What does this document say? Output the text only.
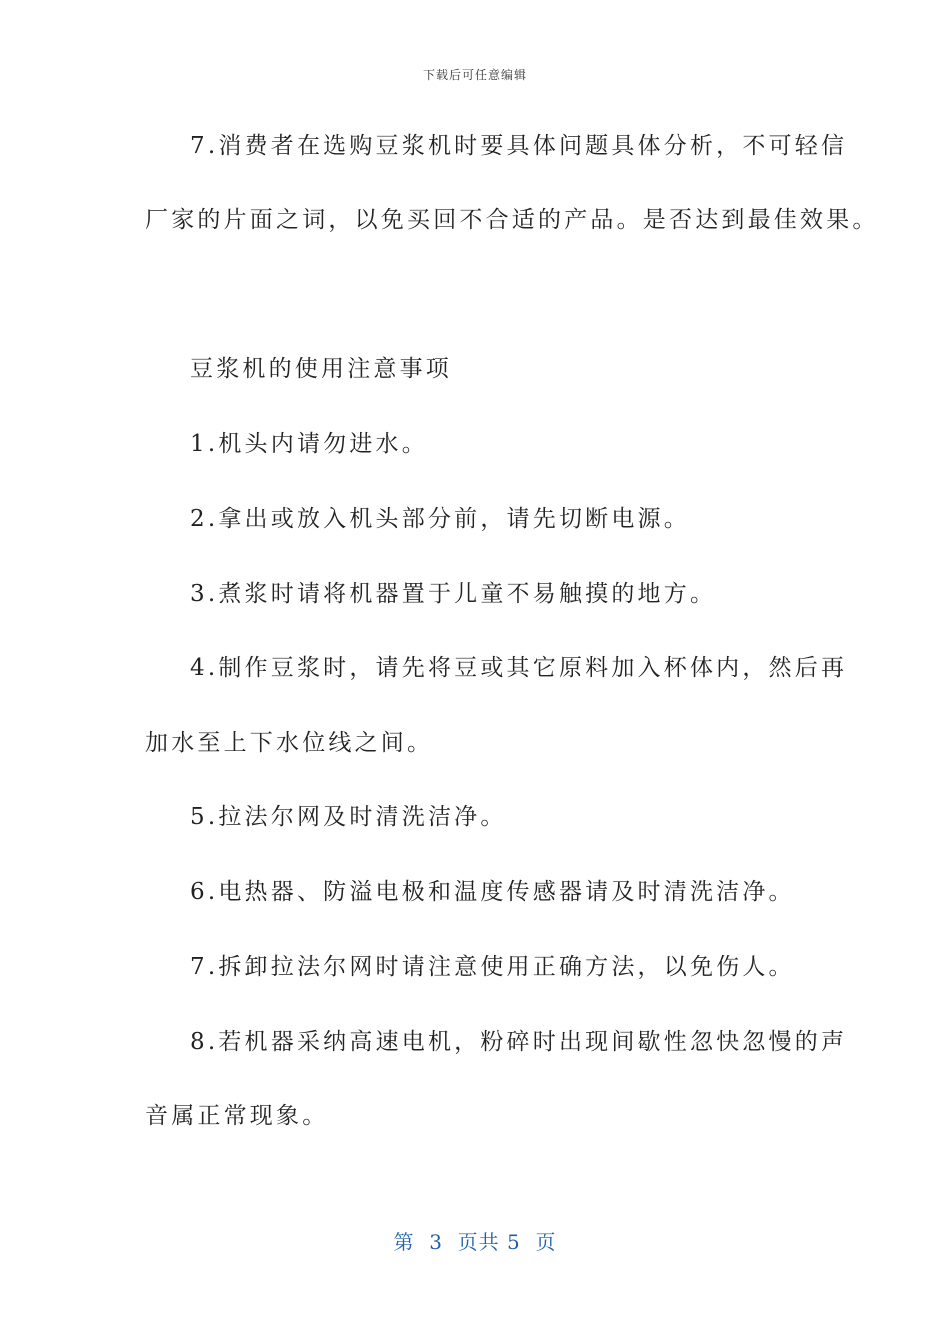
下载后可任意编辑
7.消费者在选购豆浆机时要具体问题具体分析，不可轻信
厂家的片面之词，以免买回不合适的产品。是否达到最佳效果。
豆浆机的使用注意事项
1.机头内请勿进水。
2.拿出或放入机头部分前，请先切断电源。
3.煮浆时请将机器置于儿童不易触摸的地方。
4.制作豆浆时，请先将豆或其它原料加入杯体内，然后再
加水至上下水位线之间。
5.拉法尔网及时清洗洁净。
6.电热器、防溢电极和温度传感器请及时清洗洁净。
7.拆卸拉法尔网时请注意使用正确方法，以免伤人。
8.若机器采纳高速电机，粉碎时出现间歇性忽快忽慢的声
音属正常现象。
第  3  页共 5  页
